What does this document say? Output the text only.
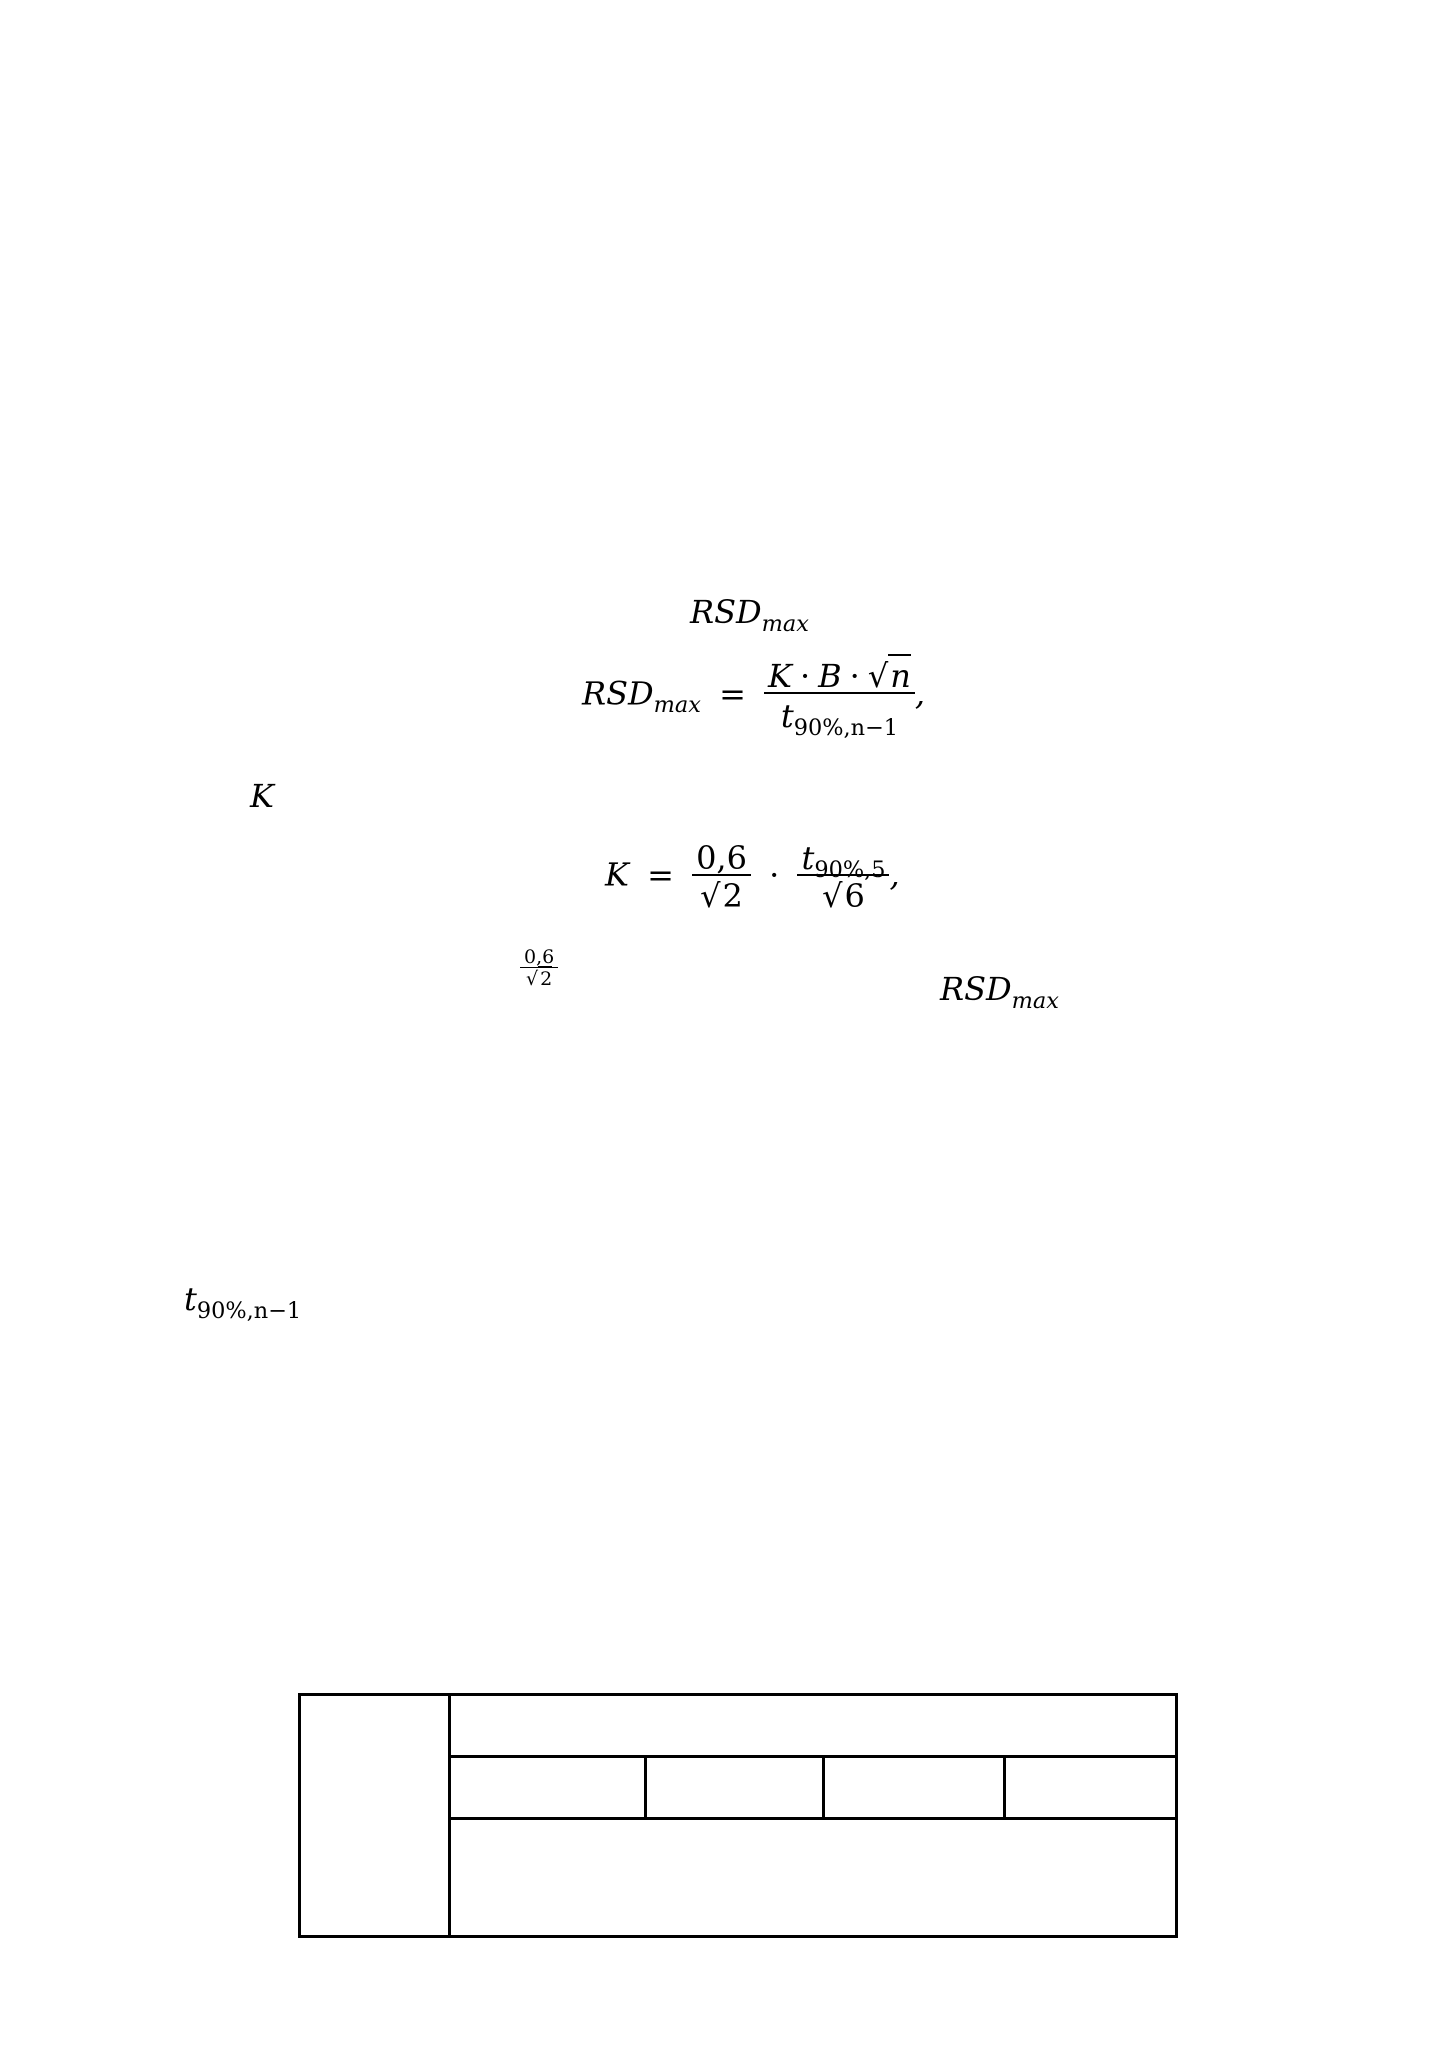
$RSD_{max}$
$RSD_{max} = \frac{K \cdot B \cdot √n}{t_{90\%,n-1}}$ ,
K
$K = \frac{0,6}{√2} \cdot \frac{t_{90\%,5}}{√6}$ ,
$\frac{0,6}{√ 2}$	$RSD_{max}$
$t_{90\%,n-1}$
